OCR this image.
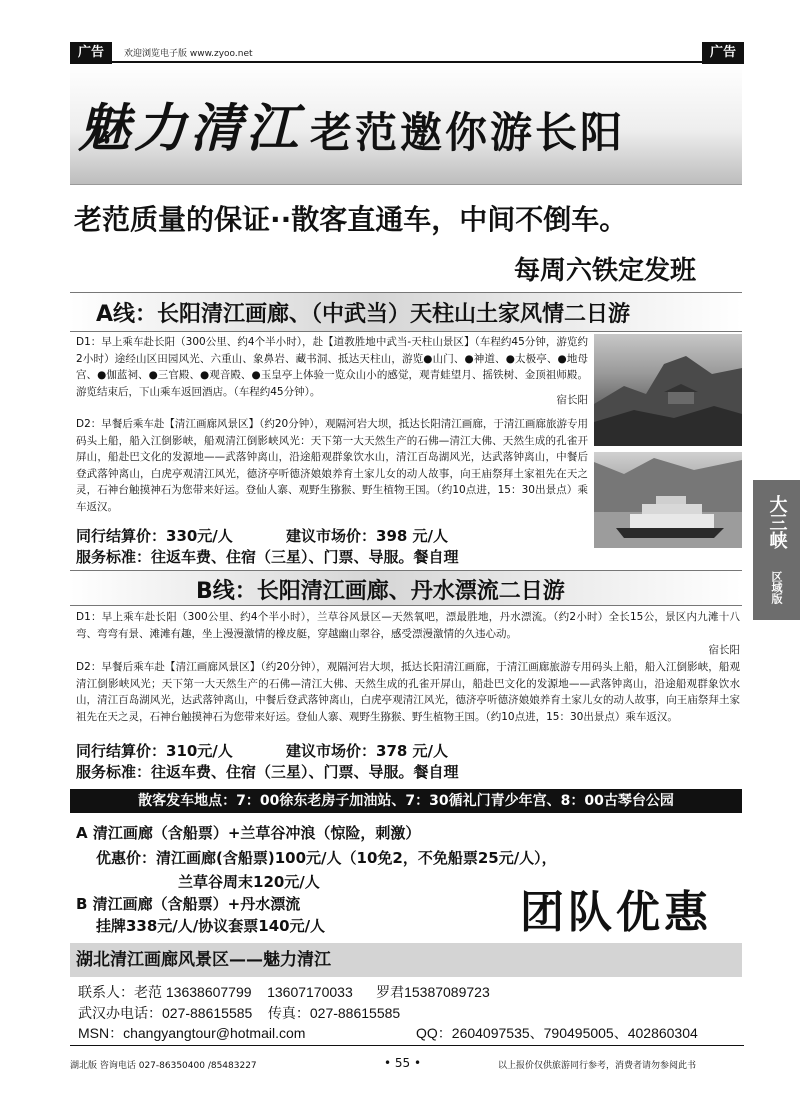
广告	欢迎浏览电子版 www.zyoo.net	广告
魅力清江 老范邀你游长阳
老范质量的保证··散客直通车，中间不倒车。
每周六铁定发班
A线：长阳清江画廊、（中武当）天柱山土家风情二日游
D1：早上乘车赴长阳（300公里、约4个半小时），赴【道教胜地中武当-天柱山景区】（车程约45分钟，游览约2小时）途经山区田园风光、六重山、象鼻岩、藏书洞、抵达天柱山，游览●山门、●神道、●太极亭、●地母宫、●伽蓝祠、●三官殿、●观音殿、●玉皇亭上体验一览众山小的感觉，观青蛙望月、摇铁树、金顶祖师殿。游览结束后，下山乘车返回酒店。（车程约45分钟）。
宿长阳
D2：早餐后乘车赴【清江画廊风景区】（约20分钟），观隔河岩大坝，抵达长阳清江画廊，于清江画廊旅游专用码头上船，船入江倒影峡，船观清江倒影峡风光：天下第一大天然生产的石佛—清江大佛、天然生成的孔雀开屏山，船赴巴文化的发源地——武落钟离山，沿途船观群象饮水山，清江百岛湖风光，达武落钟离山，中餐后登武落钟离山，白虎亭观清江风光，德济亭听德济娘娘养育土家儿女的动人故事，向王庙祭拜土家祖先在天之灵，石神台触摸神石为您带来好运。登仙人寨、观野生猕猴、野生植物王国。（约10点进，15：30出景点）乘车返汉。
同行结算价：330元/人	建议市场价：398 元/人
服务标准：往返车费、住宿（三星）、门票、导服。餐自理
B线：长阳清江画廊、丹水漂流二日游
D1：早上乘车赴长阳（300公里、约4个半小时），兰草谷风景区—天然氧吧，漂最胜地，丹水漂流。（约2小时）全长15公，景区内九滩十八弯、弯弯有景、滩滩有趣，坐上漫漫激情的橡皮艇，穿越幽山翠谷，感受漂漫激情的久违心动。
宿长阳
D2：早餐后乘车赴【清江画廊风景区】（约20分钟），观隔河岩大坝，抵达长阳清江画廊，于清江画廊旅游专用码头上船，船入江倒影峡，船观清江倒影峡风光；天下第一大天然生产的石佛—清江大佛、天然生成的孔雀开屏山，船赴巴文化的发源地——武落钟离山，沿途船观群象饮水山，清江百岛湖风光，达武落钟离山，中餐后登武落钟离山，白虎亭观清江风光，德济亭听德济娘娘养育土家儿女的动人故事，向王庙祭拜土家祖先在天之灵，石神台触摸神石为您带来好运。登仙人寨、观野生猕猴、野生植物王国。（约10点进，15：30出景点）乘车返汉。
同行结算价：310元/人	建议市场价：378 元/人
服务标准：往返车费、住宿（三星）、门票、导服。餐自理
散客发车地点：7：00徐东老房子加油站、7：30循礼门青少年宫、8：00古琴台公园
A 清江画廊（含船票）+兰草谷冲浪（惊险，刺激）
优惠价：清江画廊(含船票)100元/人（10免2，不免船票25元/人），
兰草谷周末120元/人
B 清江画廊（含船票）+丹水漂流
挂牌338元/人/协议套票140元/人	团队优惠
湖北清江画廊风景区——魅力清江
联系人：老范 13638607799    13607170033      罗君15387089723
武汉办电话：027-88615585    传真：027-88615585
MSN：changyangtour@hotmail.com	QQ：2604097535、790495005、402860304
大三峡
区域版
湖北版 咨询电话 027-86350400 /85483227	• 55 •	以上报价仅供旅游同行参考，消费者请勿参阅此书
